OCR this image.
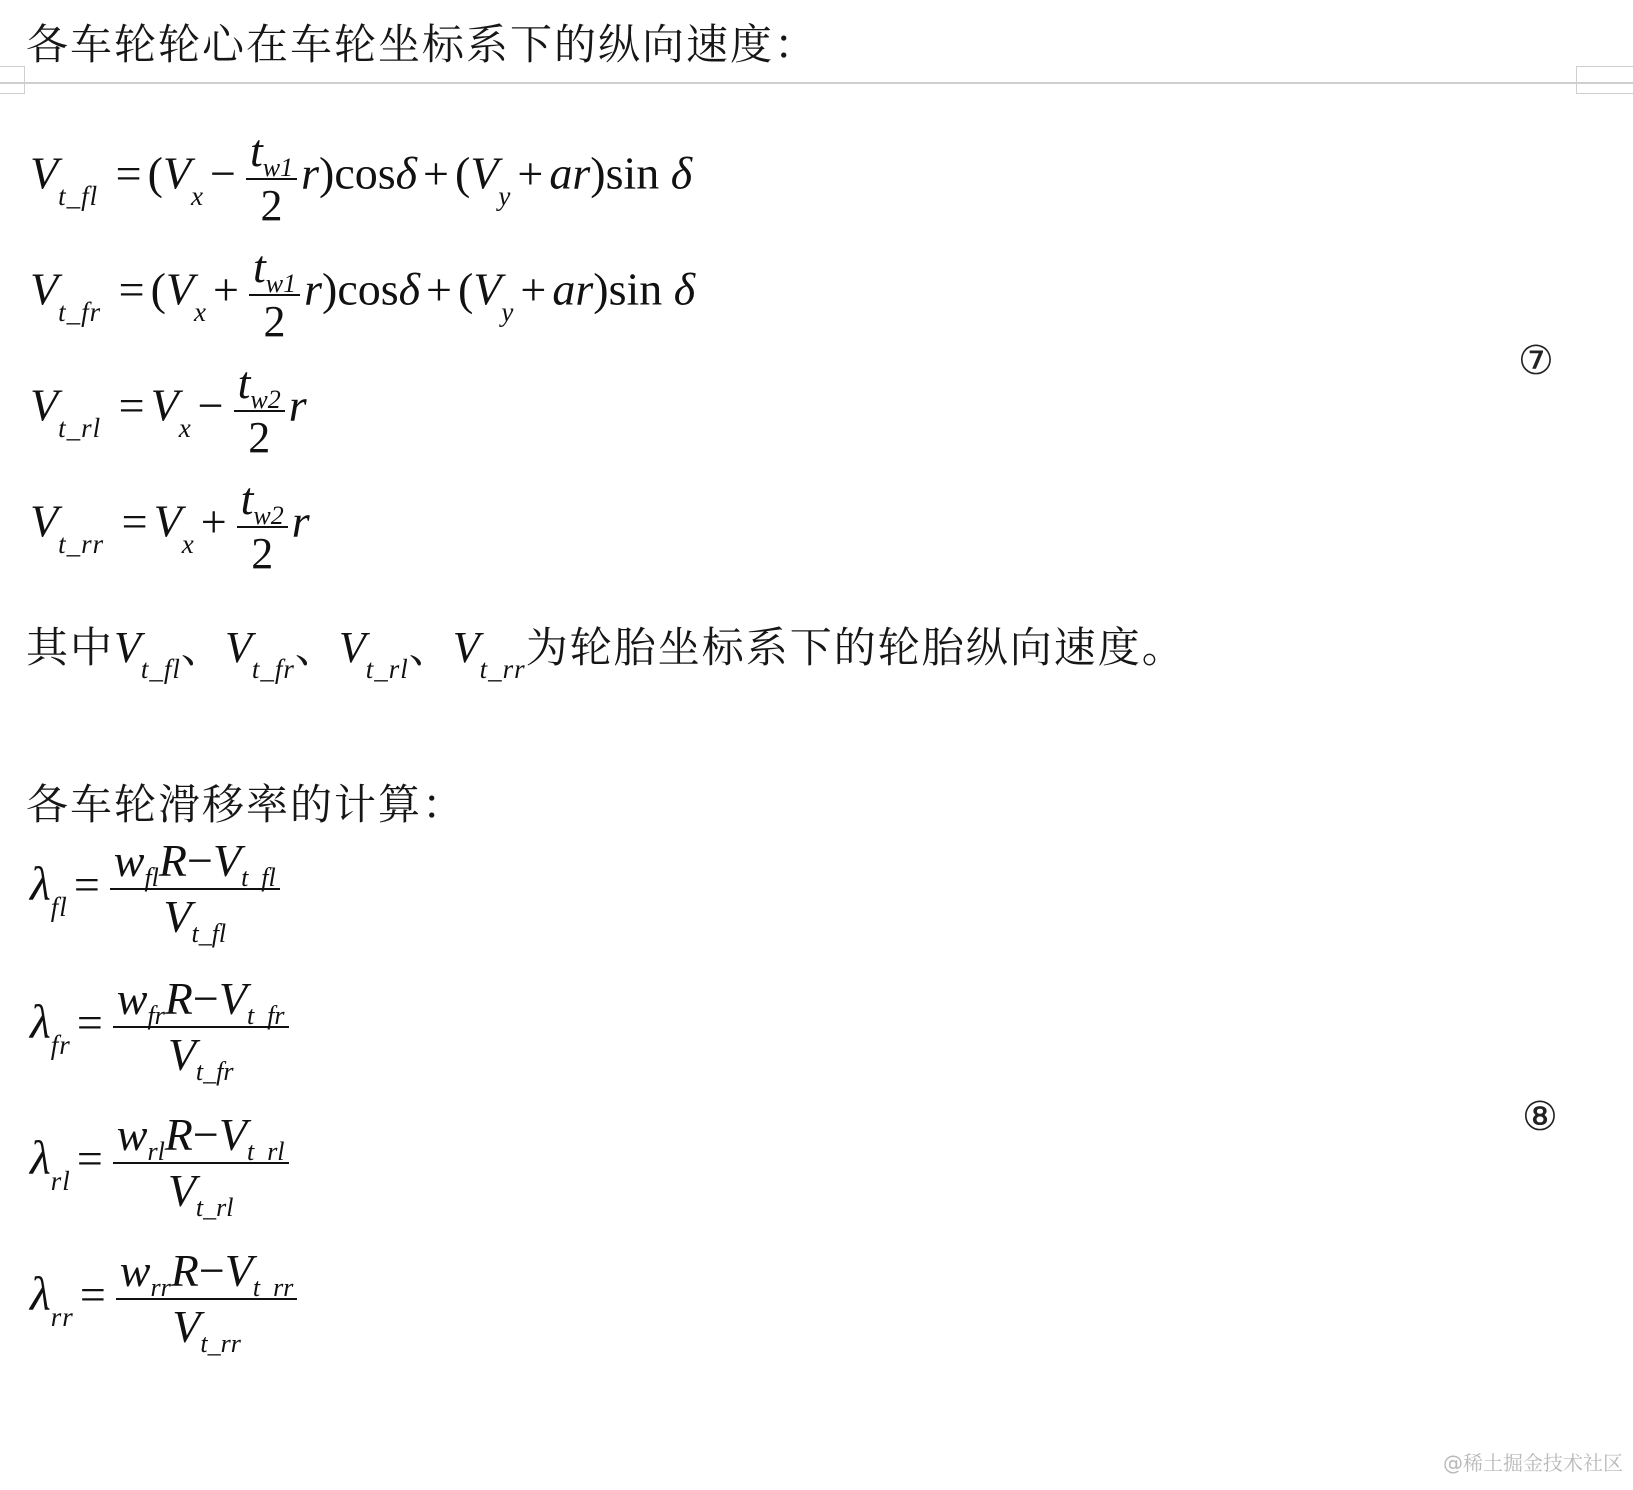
各车轮轮心在车轮坐标系下的纵向速度：
$V_{t\_fl} = (V_x - \frac{t_{w1}}{2} r)\cos\delta + (V_y + ar)\sin$ δ
$V_{t\_fr} = (V_x + \frac{t_{w1}}{2} r)\cos\delta + (V_y + ar)\sin$ δ
$V_{t\_rl} = V_x - \frac{t_{w2}}{2}$ r
$V_{t\_rr} = V_x + \frac{t_{w2}}{2}$ r
⑦
其中$V_{t\_fl}$、$V_{t\_fr}$、$V_{t\_rl}$、$V_{t\_rr}$为轮胎坐标系下的轮胎纵向速度。
各车轮滑移率的计算：
$\lambda_{fl} = \frac{w_{fl}R-V_{t\_fl}}{V_{t\_fl}}$
$\lambda_{fr} = \frac{w_{fr}R-V_{t\_fr}}{V_{t\_fr}}$
$\lambda_{rl} = \frac{w_{rl}R-V_{t\_rl}}{V_{t\_rl}}$
$\lambda_{rr} = \frac{w_{rr}R-V_{t\_rr}}{V_{t\_rr}}$
⑧
@稀土掘金技术社区
